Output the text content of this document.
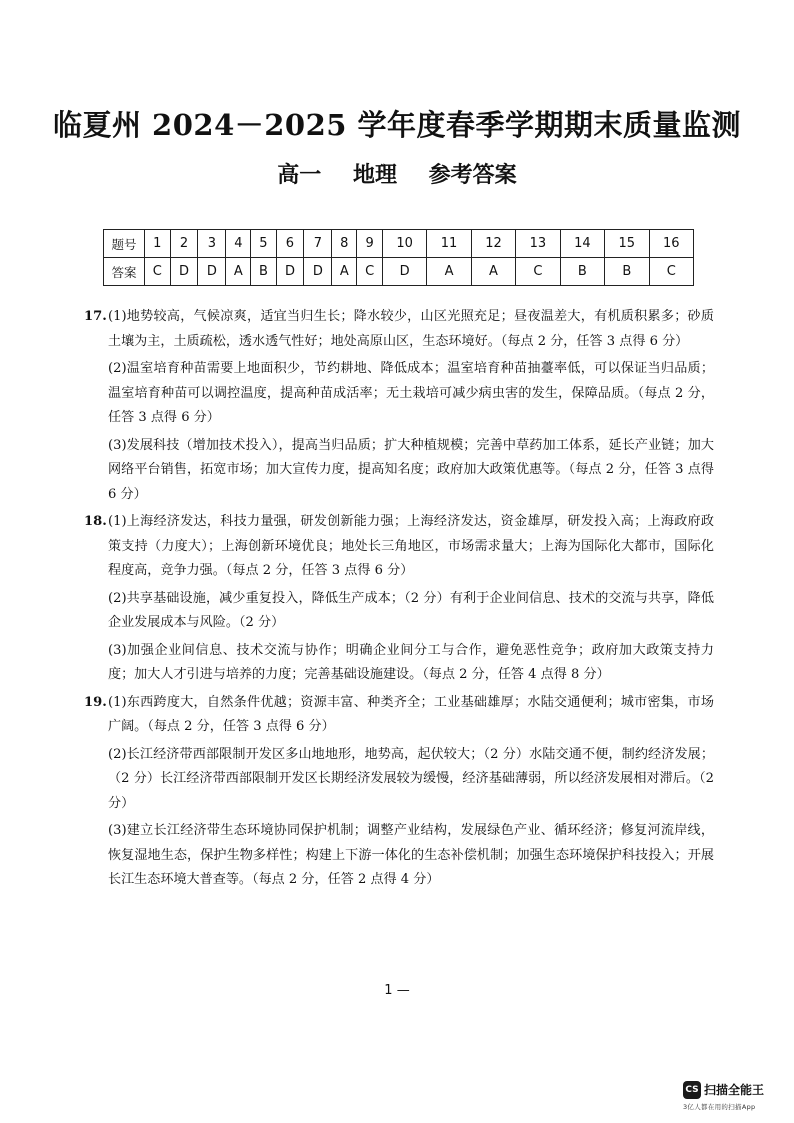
临夏州 2024－2025 学年度春季学期期末质量监测
高一 地理 参考答案
题号	1	2	3	4	5	6	7	8	9	10	11	12	13	14	15	16
答案	C	D	D	A	B	D	D	A	C	D	A	A	C	B	B	C
17. (1)地势较高，气候凉爽，适宜当归生长；降水较少，山区光照充足；昼夜温差大，有机质积累多；砂质土壤为主，土质疏松，透水透气性好；地处高原山区，生态环境好。（每点 2 分，任答 3 点得 6 分）

(2)温室培育种苗需要上地面积少，节约耕地、降低成本；温室培育种苗抽薹率低，可以保证当归品质；温室培育种苗可以调控温度，提高种苗成活率；无土栽培可减少病虫害的发生，保障品质。（每点 2 分，任答 3 点得 6 分）

(3)发展科技（增加技术投入），提高当归品质；扩大种植规模；完善中草药加工体系，延长产业链；加大网络平台销售，拓宽市场；加大宣传力度，提高知名度；政府加大政策优惠等。（每点 2 分，任答 3 点得 6 分）

18. (1)上海经济发达，科技力量强，研发创新能力强；上海经济发达，资金雄厚，研发投入高；上海政府政策支持（力度大）；上海创新环境优良；地处长三角地区，市场需求量大；上海为国际化大都市，国际化程度高，竞争力强。（每点 2 分，任答 3 点得 6 分）

(2)共享基础设施，减少重复投入，降低生产成本；（2 分）有利于企业间信息、技术的交流与共享，降低企业发展成本与风险。（2 分）

(3)加强企业间信息、技术交流与协作；明确企业间分工与合作，避免恶性竞争；政府加大政策支持力度；加大人才引进与培养的力度；完善基础设施建设。（每点 2 分，任答 4 点得 8 分）

19. (1)东西跨度大，自然条件优越；资源丰富、种类齐全；工业基础雄厚；水陆交通便利；城市密集，市场广阔。（每点 2 分，任答 3 点得 6 分）

(2)长江经济带西部限制开发区多山地地形，地势高，起伏较大；（2 分）水陆交通不便，制约经济发展；（2 分）长江经济带西部限制开发区长期经济发展较为缓慢，经济基础薄弱，所以经济发展相对滞后。（2 分）

(3)建立长江经济带生态环境协同保护机制；调整产业结构，发展绿色产业、循环经济；修复河流岸线，恢复湿地生态，保护生物多样性；构建上下游一体化的生态补偿机制；加强生态环境保护科技投入；开展长江生态环境大普查等。（每点 2 分，任答 2 点得 4 分）

1 —
CS 扫描全能王
3亿人都在用的扫描App
